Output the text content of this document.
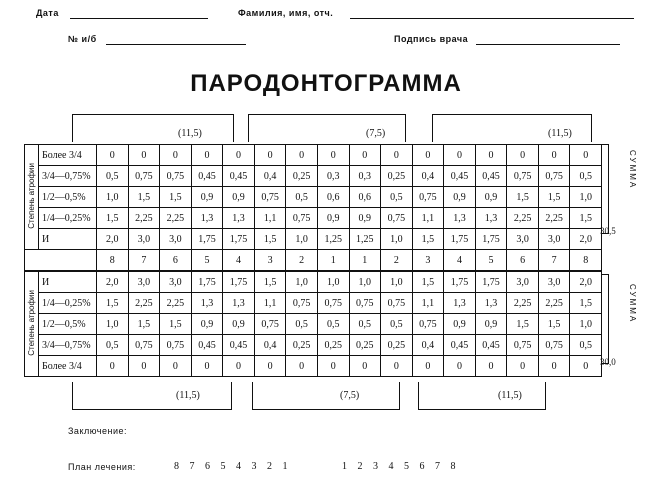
Дата	Фамилия, имя, отч.
№ и/б	Подпись врача
ПАРОДОНТОГРАММА
(11,5)	(7,5)	(11,5)
Степень атрофии	Более 3/4	0	0	0	0	0	0	0	0	0	0	0	0	0	0	0	0
	3/4—0,75%	0,5	0,75	0,75	0,45	0,45	0,4	0,25	0,3	0,3	0,25	0,4	0,45	0,45	0,75	0,75	0,5
	1/2—0,5%	1,0	1,5	1,5	0,9	0,9	0,75	0,5	0,6	0,6	0,5	0,75	0,9	0,9	1,5	1,5	1,0
	1/4—0,25%	1,5	2,25	2,25	1,3	1,3	1,1	0,75	0,9	0,9	0,75	1,1	1,3	1,3	2,25	2,25	1,5
	И	2,0	3,0	3,0	1,75	1,75	1,5	1,0	1,25	1,25	1,0	1,5	1,75	1,75	3,0	3,0	2,0
		8	7	6	5	4	3	2	1	1	2	3	4	5	6	7	8
Степень атрофии	И	2,0	3,0	3,0	1,75	1,75	1,5	1,0	1,0	1,0	1,0	1,5	1,75	1,75	3,0	3,0	2,0
	1/4—0,25%	1,5	2,25	2,25	1,3	1,3	1,1	0,75	0,75	0,75	0,75	1,1	1,3	1,3	2,25	2,25	1,5
	1/2—0,5%	1,0	1,5	1,5	0,9	0,9	0,75	0,5	0,5	0,5	0,5	0,75	0,9	0,9	1,5	1,5	1,0
	3/4—0,75%	0,5	0,75	0,75	0,45	0,45	0,4	0,25	0,25	0,25	0,25	0,4	0,45	0,45	0,75	0,75	0,5
	Более 3/4	0	0	0	0	0	0	0	0	0	0	0	0	0	0	0	0
СУММА
30,5
СУММА
30,0
(11,5)	(7,5)	(11,5)
Заключение:
План лечения:	8 7 6 5 4 3 2 1	1 2 3 4 5 6 7 8
